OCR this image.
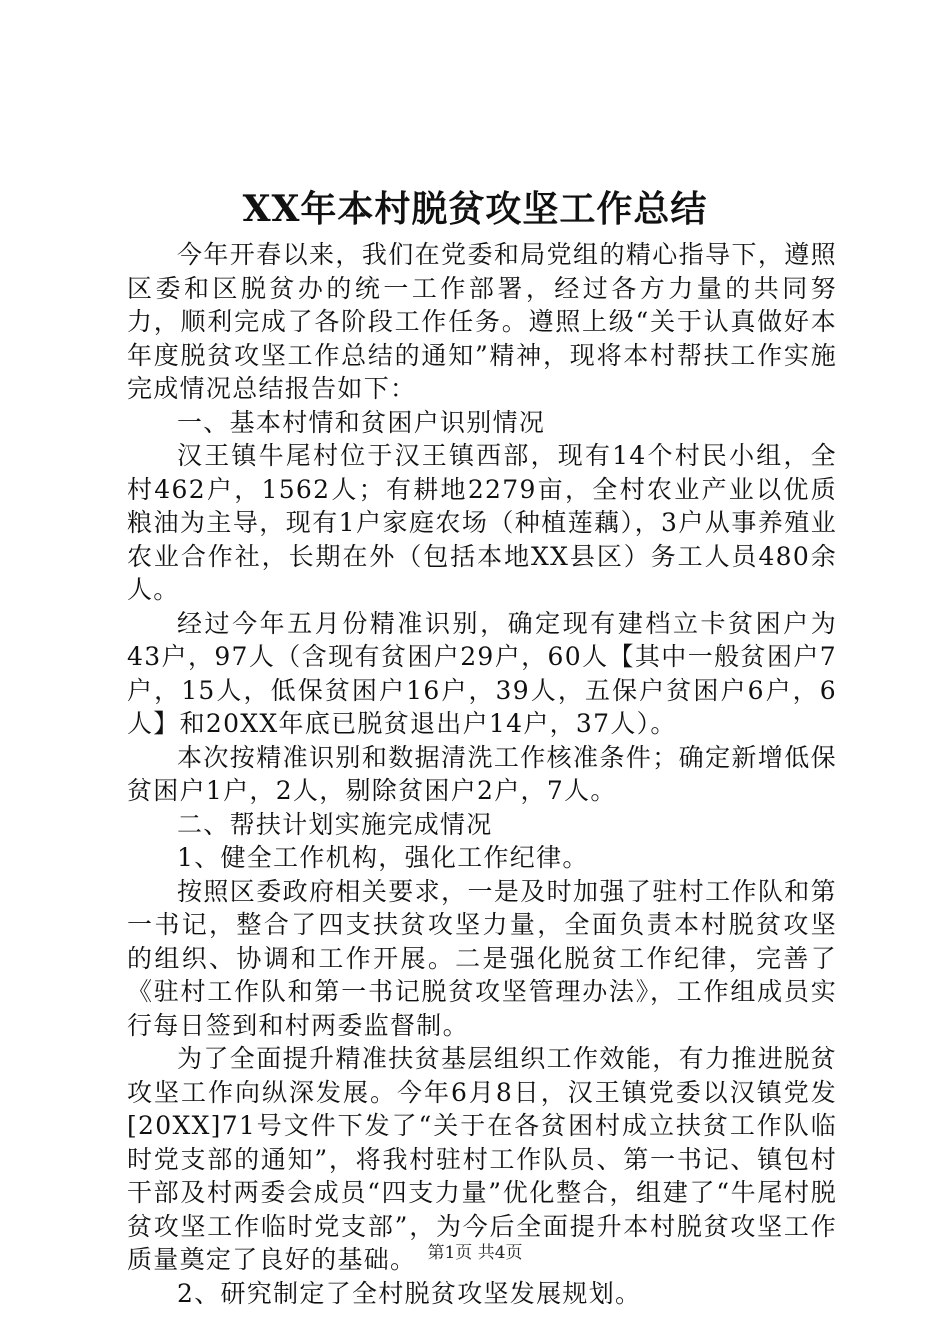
XX年本村脱贫攻坚工作总结

今年开春以来，我们在党委和局党组的精心指导下，遵照区委和区脱贫办的统一工作部署，经过各方力量的共同努力，顺利完成了各阶段工作任务。遵照上级“关于认真做好本年度脱贫攻坚工作总结的通知”精神，现将本村帮扶工作实施完成情况总结报告如下：

一、基本村情和贫困户识别情况

汉王镇牛尾村位于汉王镇西部，现有14个村民小组，全村462户，1562人；有耕地2279亩，全村农业产业以优质粮油为主导，现有1户家庭农场（种植莲藕），3户从事养殖业农业合作社，长期在外（包括本地XX县区）务工人员480余人。

经过今年五月份精准识别，确定现有建档立卡贫困户为43户，97人（含现有贫困户29户，60人【其中一般贫困户7户，15人，低保贫困户16户，39人，五保户贫困户6户，6人】和20XX年底已脱贫退出户14户，37人）。

本次按精准识别和数据清洗工作核准条件；确定新增低保贫困户1户，2人，剔除贫困户2户，7人。

二、帮扶计划实施完成情况

1、健全工作机构，强化工作纪律。

按照区委政府相关要求，一是及时加强了驻村工作队和第一书记，整合了四支扶贫攻坚力量，全面负责本村脱贫攻坚的组织、协调和工作开展。二是强化脱贫工作纪律，完善了《驻村工作队和第一书记脱贫攻坚管理办法》，工作组成员实行每日签到和村两委监督制。

为了全面提升精准扶贫基层组织工作效能，有力推进脱贫攻坚工作向纵深发展。今年6月8日，汉王镇党委以汉镇党发[20XX]71号文件下发了“关于在各贫困村成立扶贫工作队临时党支部的通知”，将我村驻村工作队员、第一书记、镇包村干部及村两委会成员“四支力量”优化整合，组建了“牛尾村脱贫攻坚工作临时党支部”，为今后全面提升本村脱贫攻坚工作质量奠定了良好的基础。

2、研究制定了全村脱贫攻坚发展规划。

第1页 共4页
